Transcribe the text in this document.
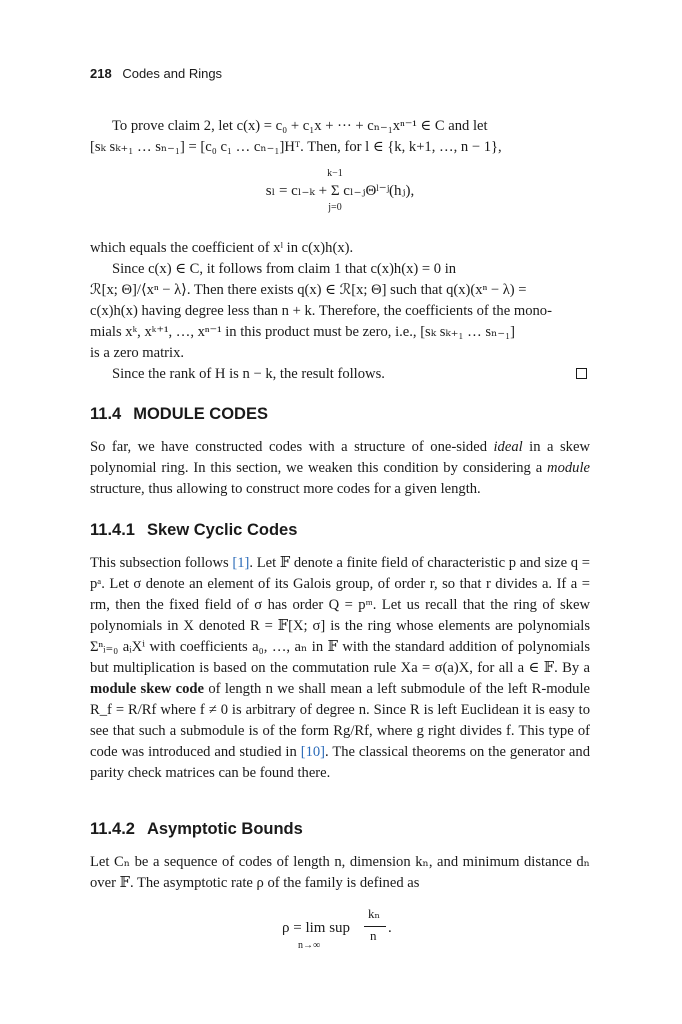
218 Codes and Rings
To prove claim 2, let c(x) = c₀ + c₁x + ··· + cₙ₋₁xⁿ⁻¹ ∈ C and let
[sₖ sₖ₊₁ … sₙ₋₁] = [c₀ c₁ … cₙ₋₁]Hᵀ. Then, for l ∈ {k, k+1, …, n − 1},
k−1
sₗ = cₗ₋ₖ + Σ cₗ₋ⱼΘˡ⁻ʲ(hⱼ),
j=0
which equals the coefficient of xˡ in c(x)h(x).
Since c(x) ∈ C, it follows from claim 1 that c(x)h(x) = 0 in
ℛ[x; Θ]/⟨xⁿ − λ⟩. Then there exists q(x) ∈ ℛ[x; Θ] such that q(x)(xⁿ − λ) =
c(x)h(x) having degree less than n + k. Therefore, the coefficients of the mono-
mials xᵏ, xᵏ⁺¹, …, xⁿ⁻¹ in this product must be zero, i.e., [sₖ sₖ₊₁ … sₙ₋₁]
is a zero matrix.
Since the rank of H is n − k, the result follows.
11.4 MODULE CODES
So far, we have constructed codes with a structure of one-sided ideal in a skew polynomial ring. In this section, we weaken this condition by considering a module structure, thus allowing to construct more codes for a given length.
11.4.1 Skew Cyclic Codes
This subsection follows [1]. Let 𝔽 denote a finite field of characteristic p and size q = pᵃ. Let σ denote an element of its Galois group, of order r, so that r divides a. If a = rm, then the fixed field of σ has order Q = pᵐ. Let us recall that the ring of skew polynomials in X denoted R = 𝔽[X; σ] is the ring whose elements are polynomials Σⁿᵢ₌₀ aᵢXⁱ with coefficients a₀, …, aₙ in 𝔽 with the standard addition of polynomials but multiplication is based on the commutation rule Xa = σ(a)X, for all a ∈ 𝔽. By a module skew code of length n we shall mean a left submodule of the left R-module R_f = R/Rf where f ≠ 0 is arbitrary of degree n. Since R is left Euclidean it is easy to see that such a submodule is of the form Rg/Rf, where g right divides f. This type of code was introduced and studied in [10]. The classical theorems on the generator and parity check matrices can be found there.
11.4.2 Asymptotic Bounds
Let Cₙ be a sequence of codes of length n, dimension kₙ, and minimum distance dₙ over 𝔽. The asymptotic rate ρ of the family is defined as
ρ = lim sup
kₙ
n .
n→∞
